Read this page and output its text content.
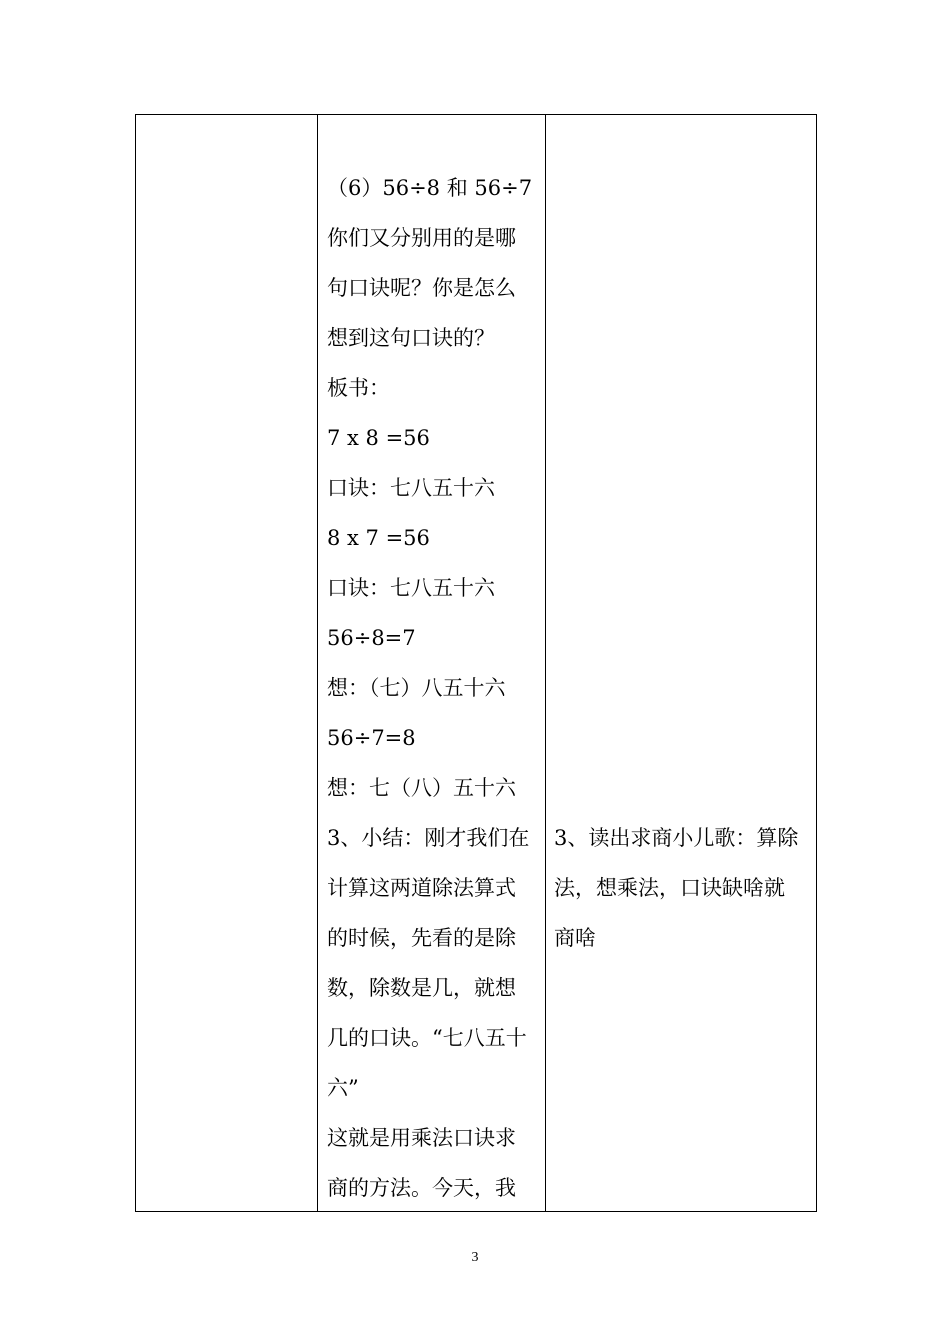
（6）56÷8 和 56÷7
你们又分别用的是哪
句口诀呢？你是怎么
想到这句口诀的？
板书：
7 x 8 =56
口诀：七八五十六
8 x 7 =56
口诀：七八五十六
56÷8=7
想：（七）八五十六
56÷7=8
想：七（八）五十六
3、小结：刚才我们在
计算这两道除法算式
的时候，先看的是除
数，除数是几，就想
几的口诀。“七八五十
六”
这就是用乘法口诀求
商的方法。今天，我
3、读出求商小儿歌：算除
法，想乘法，口诀缺啥就
商啥
3
